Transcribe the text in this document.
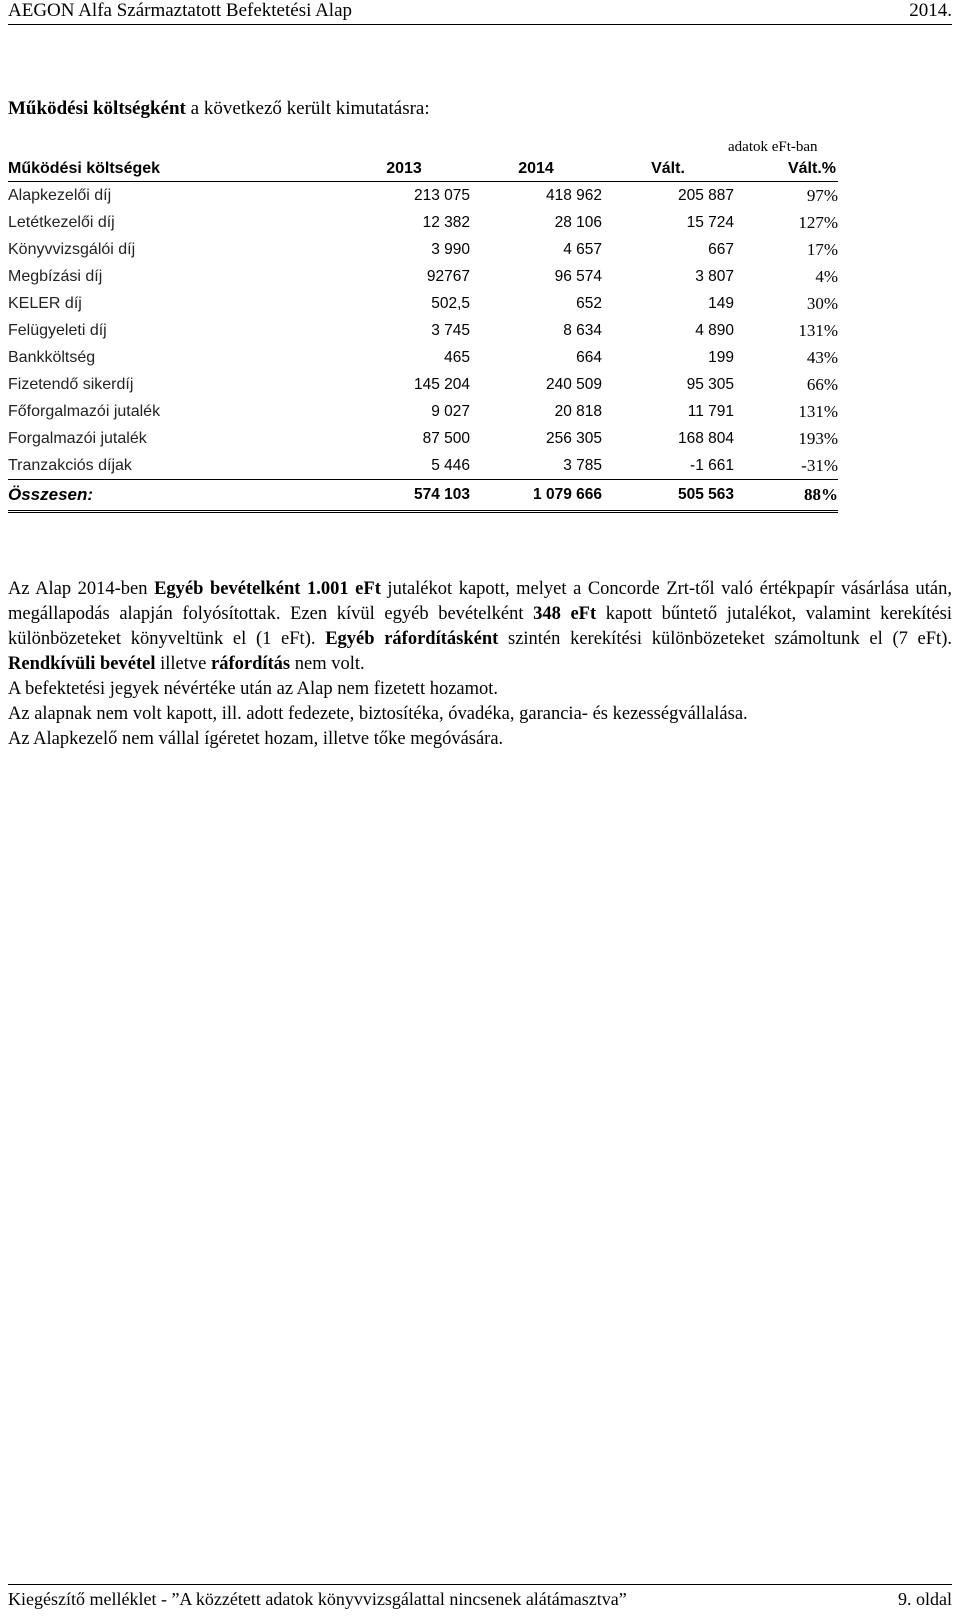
AEGON Alfa Származtatott Befektetési Alap	2014.
Működési költségként a következő került kimutatásra:
adatok eFt-ban
Működési költségek	2013	2014	Vált.	Vált.%
Alapkezelői díj	213 075	418 962	205 887	97%
Letétkezelői díj	12 382	28 106	15 724	127%
Könyvvizsgálói díj	3 990	4 657	667	17%
Megbízási díj	92767	96 574	3 807	4%
KELER díj	502,5	652	149	30%
Felügyeleti díj	3 745	8 634	4 890	131%
Bankköltség	465	664	199	43%
Fizetendő sikerdíj	145 204	240 509	95 305	66%
Főforgalmazói jutalék	9 027	20 818	11 791	131%
Forgalmazói jutalék	87 500	256 305	168 804	193%
Tranzakciós díjak	5 446	3 785	-1 661	-31%
Összesen:	574 103	1 079 666	505 563	88%

Az Alap 2014-ben Egyéb bevételként 1.001 eFt jutalékot kapott, melyet a Concorde Zrt-től való értékpapír vásárlása után, megállapodás alapján folyósítottak. Ezen kívül egyéb bevételként 348 eFt kapott bűntető jutalékot, valamint kerekítési különbözeteket könyveltünk el (1 eFt). Egyéb ráfordításként szintén kerekítési különbözeteket számoltunk el (7 eFt). Rendkívüli bevétel illetve ráfordítás nem volt.

A befektetési jegyek névértéke után az Alap nem fizetett hozamot.

Az alapnak nem volt kapott, ill. adott fedezete, biztosítéka, óvadéka, garancia- és kezességvállalása.

Az Alapkezelő nem vállal ígéretet hozam, illetve tőke megóvására.

Kiegészítő melléklet - ”A közzétett adatok könyvvizsgálattal nincsenek alátámasztva”	9. oldal
